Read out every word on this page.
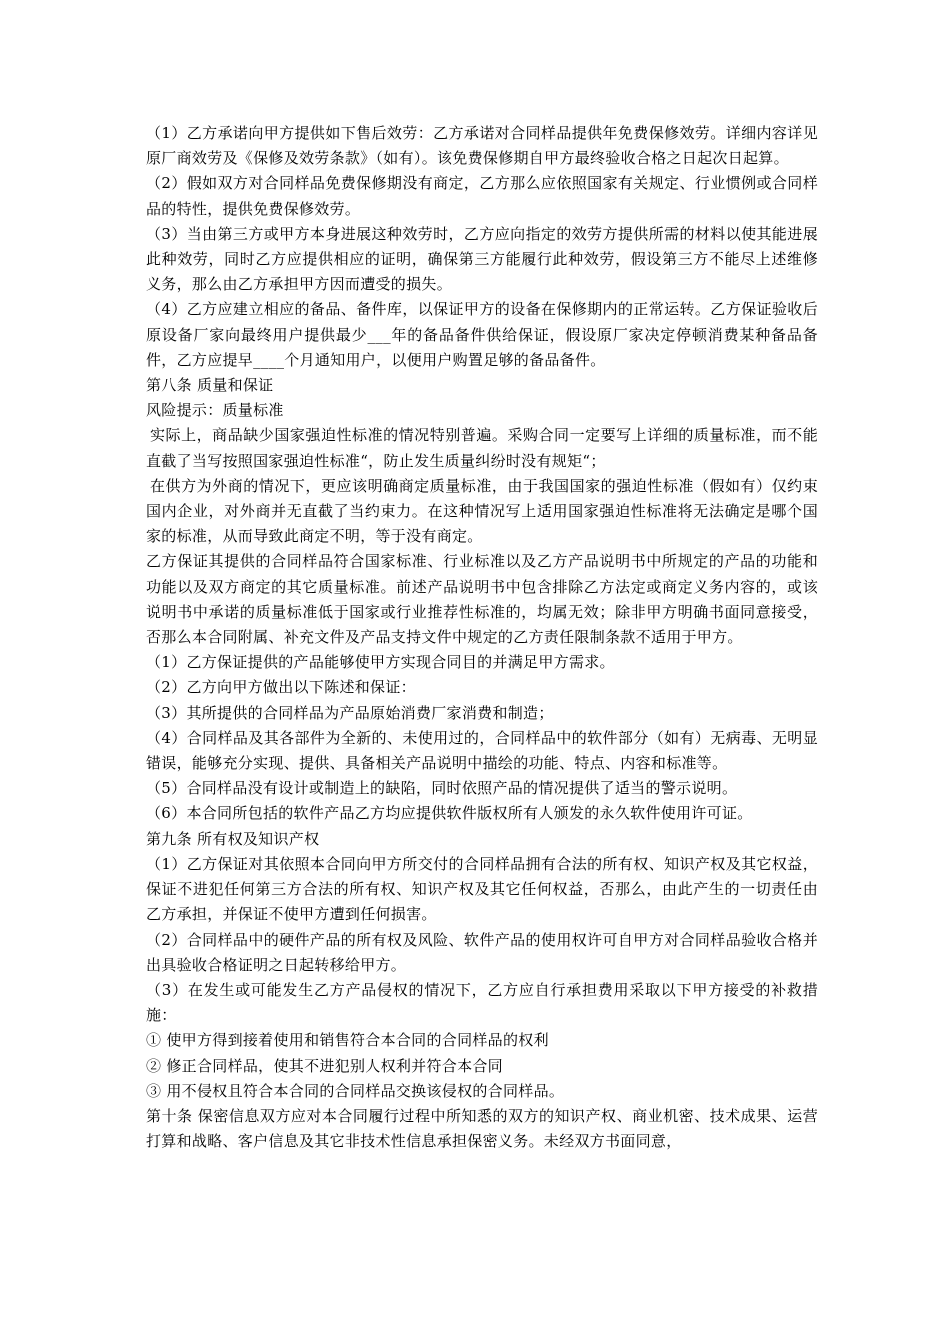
（1）乙方承诺向甲方提供如下售后效劳：乙方承诺对合同样品提供年免费保修效劳。详细内容详见原厂商效劳及《保修及效劳条款》（如有）。该免费保修期自甲方最终验收合格之日起次日起算。

（2）假如双方对合同样品免费保修期没有商定，乙方那么应依照国家有关规定、行业惯例或合同样品的特性，提供免费保修效劳。

（3）当由第三方或甲方本身进展这种效劳时，乙方应向指定的效劳方提供所需的材料以使其能进展此种效劳，同时乙方应提供相应的证明，确保第三方能履行此种效劳，假设第三方不能尽上述维修义务，那么由乙方承担甲方因而遭受的损失。

（4）乙方应建立相应的备品、备件库，以保证甲方的设备在保修期内的正常运转。乙方保证验收后原设备厂家向最终用户提供最少___年的备品备件供给保证，假设原厂家决定停顿消费某种备品备件，乙方应提早____个月通知用户，以便用户购置足够的备品备件。

第八条 质量和保证

风险提示：质量标准

实际上，商品缺少国家强迫性标准的情况特别普遍。采购合同一定要写上详细的质量标准，而不能直截了当写按照国家强迫性标准“，防止发生质量纠纷时没有规矩“；

在供方为外商的情况下，更应该明确商定质量标准，由于我国国家的强迫性标准（假如有）仅约束国内企业，对外商并无直截了当约束力。在这种情况写上适用国家强迫性标准将无法确定是哪个国家的标准，从而导致此商定不明，等于没有商定。

乙方保证其提供的合同样品符合国家标准、行业标准以及乙方产品说明书中所规定的产品的功能和功能以及双方商定的其它质量标准。前述产品说明书中包含排除乙方法定或商定义务内容的，或该说明书中承诺的质量标准低于国家或行业推荐性标准的，均属无效；除非甲方明确书面同意接受，否那么本合同附属、补充文件及产品支持文件中规定的乙方责任限制条款不适用于甲方。

（1）乙方保证提供的产品能够使甲方实现合同目的并满足甲方需求。

（2）乙方向甲方做出以下陈述和保证：

（3）其所提供的合同样品为产品原始消费厂家消费和制造；

（4）合同样品及其各部件为全新的、未使用过的，合同样品中的软件部分（如有）无病毒、无明显错误，能够充分实现、提供、具备相关产品说明中描绘的功能、特点、内容和标准等。

（5）合同样品没有设计或制造上的缺陷，同时依照产品的情况提供了适当的警示说明。

（6）本合同所包括的软件产品乙方均应提供软件版权所有人颁发的永久软件使用许可证。

第九条 所有权及知识产权

（1）乙方保证对其依照本合同向甲方所交付的合同样品拥有合法的所有权、知识产权及其它权益，保证不进犯任何第三方合法的所有权、知识产权及其它任何权益，否那么，由此产生的一切责任由乙方承担，并保证不使甲方遭到任何损害。

（2）合同样品中的硬件产品的所有权及风险、软件产品的使用权许可自甲方对合同样品验收合格并出具验收合格证明之日起转移给甲方。

（3）在发生或可能发生乙方产品侵权的情况下，乙方应自行承担费用采取以下甲方接受的补救措施：

① 使甲方得到接着使用和销售符合本合同的合同样品的权利

② 修正合同样品，使其不进犯别人权利并符合本合同

③ 用不侵权且符合本合同的合同样品交换该侵权的合同样品。

第十条 保密信息双方应对本合同履行过程中所知悉的双方的知识产权、商业机密、技术成果、运营打算和战略、客户信息及其它非技术性信息承担保密义务。未经双方书面同意，
